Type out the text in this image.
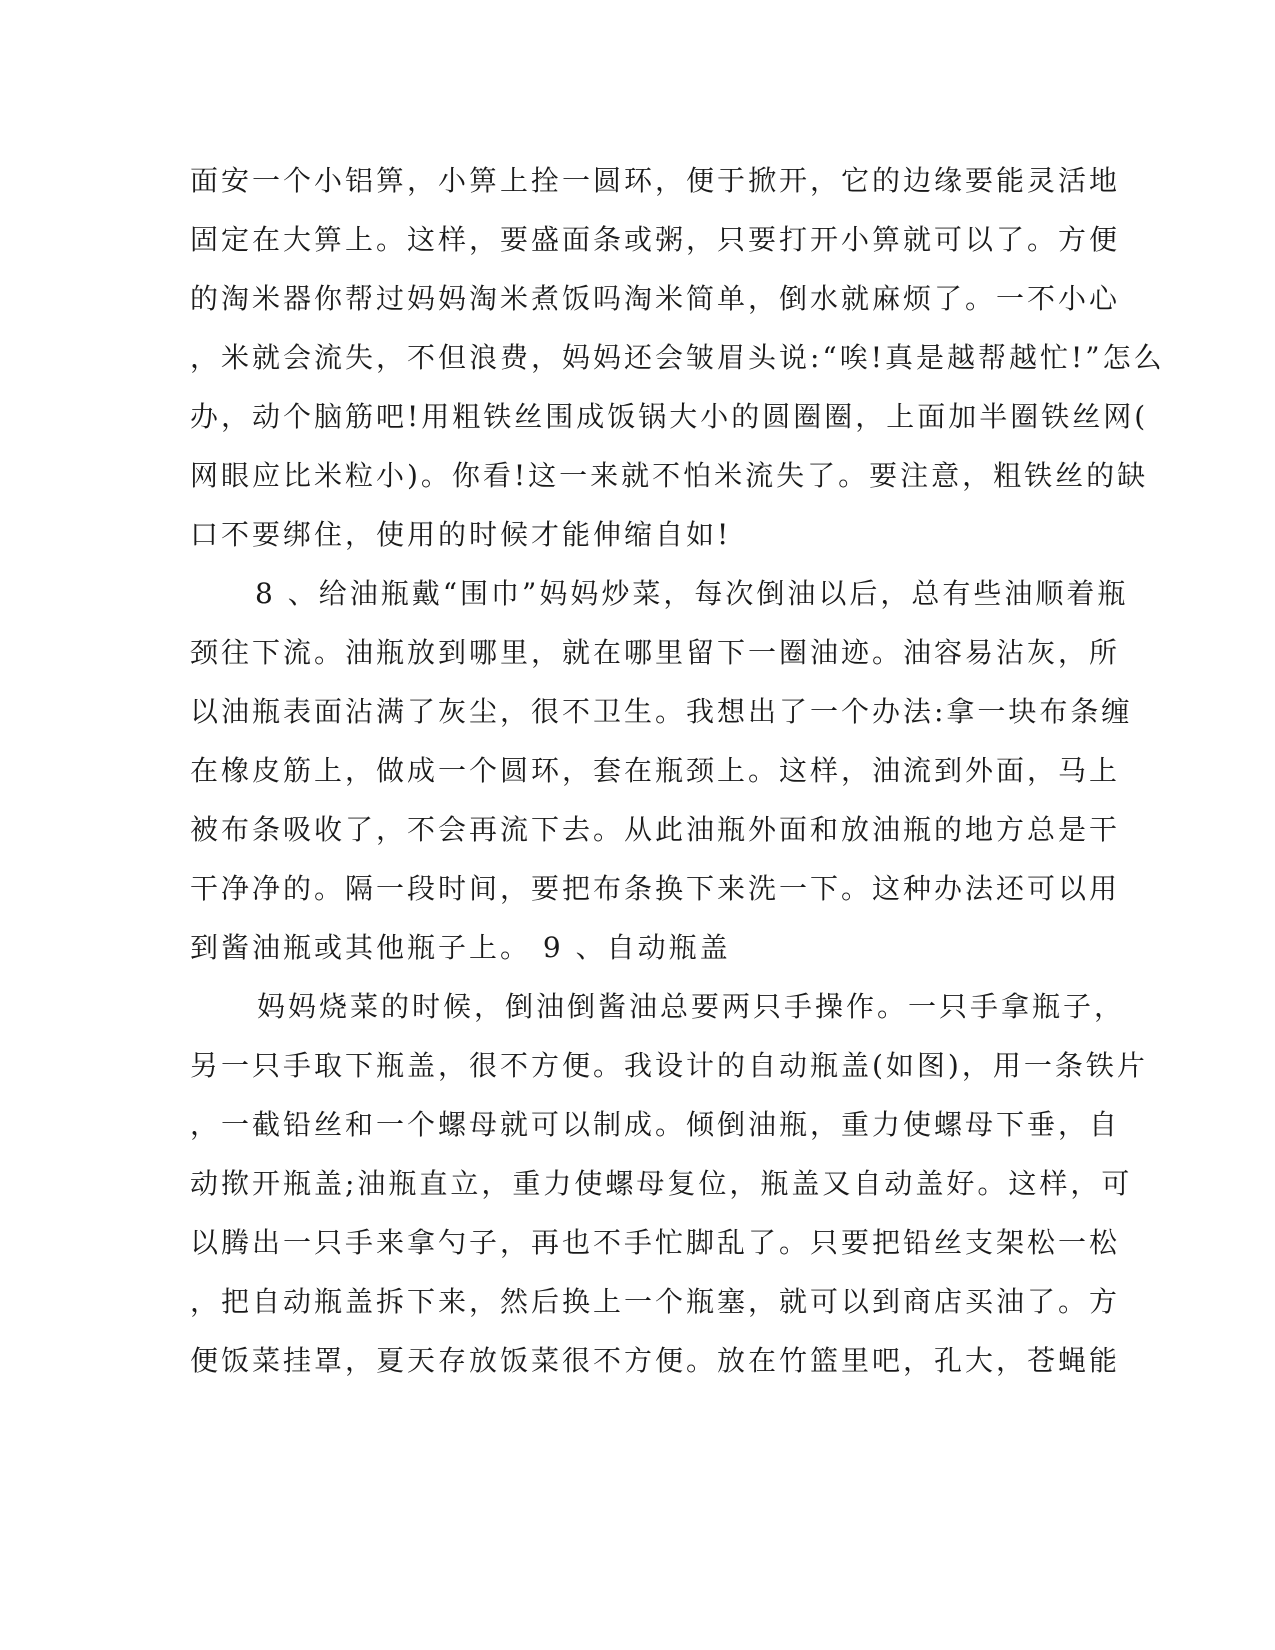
面安一个小铝箅，小箅上拴一圆环，便于掀开，它的边缘要能灵活地
固定在大箅上。这样，要盛面条或粥，只要打开小箅就可以了。方便
的淘米器你帮过妈妈淘米煮饭吗淘米简单，倒水就麻烦了。一不小心
，米就会流失，不但浪费，妈妈还会皱眉头说:“唉!真是越帮越忙!”怎么
办，动个脑筋吧!用粗铁丝围成饭锅大小的圆圈圈，上面加半圈铁丝网(
网眼应比米粒小)。你看!这一来就不怕米流失了。要注意，粗铁丝的缺
口不要绑住，使用的时候才能伸缩自如!
8 、给油瓶戴“围巾”妈妈炒菜，每次倒油以后，总有些油顺着瓶
颈往下流。油瓶放到哪里，就在哪里留下一圈油迹。油容易沾灰，所
以油瓶表面沾满了灰尘，很不卫生。我想出了一个办法:拿一块布条缠
在橡皮筋上，做成一个圆环，套在瓶颈上。这样，油流到外面，马上
被布条吸收了，不会再流下去。从此油瓶外面和放油瓶的地方总是干
干净净的。隔一段时间，要把布条换下来洗一下。这种办法还可以用
到酱油瓶或其他瓶子上。 9 、自动瓶盖
妈妈烧菜的时候，倒油倒酱油总要两只手操作。一只手拿瓶子，
另一只手取下瓶盖，很不方便。我设计的自动瓶盖(如图)，用一条铁片
，一截铅丝和一个螺母就可以制成。倾倒油瓶，重力使螺母下垂，自
动揿开瓶盖;油瓶直立，重力使螺母复位，瓶盖又自动盖好。这样，可
以腾出一只手来拿勺子，再也不手忙脚乱了。只要把铅丝支架松一松
，把自动瓶盖拆下来，然后换上一个瓶塞，就可以到商店买油了。方
便饭菜挂罩，夏天存放饭菜很不方便。放在竹篮里吧，孔大，苍蝇能
